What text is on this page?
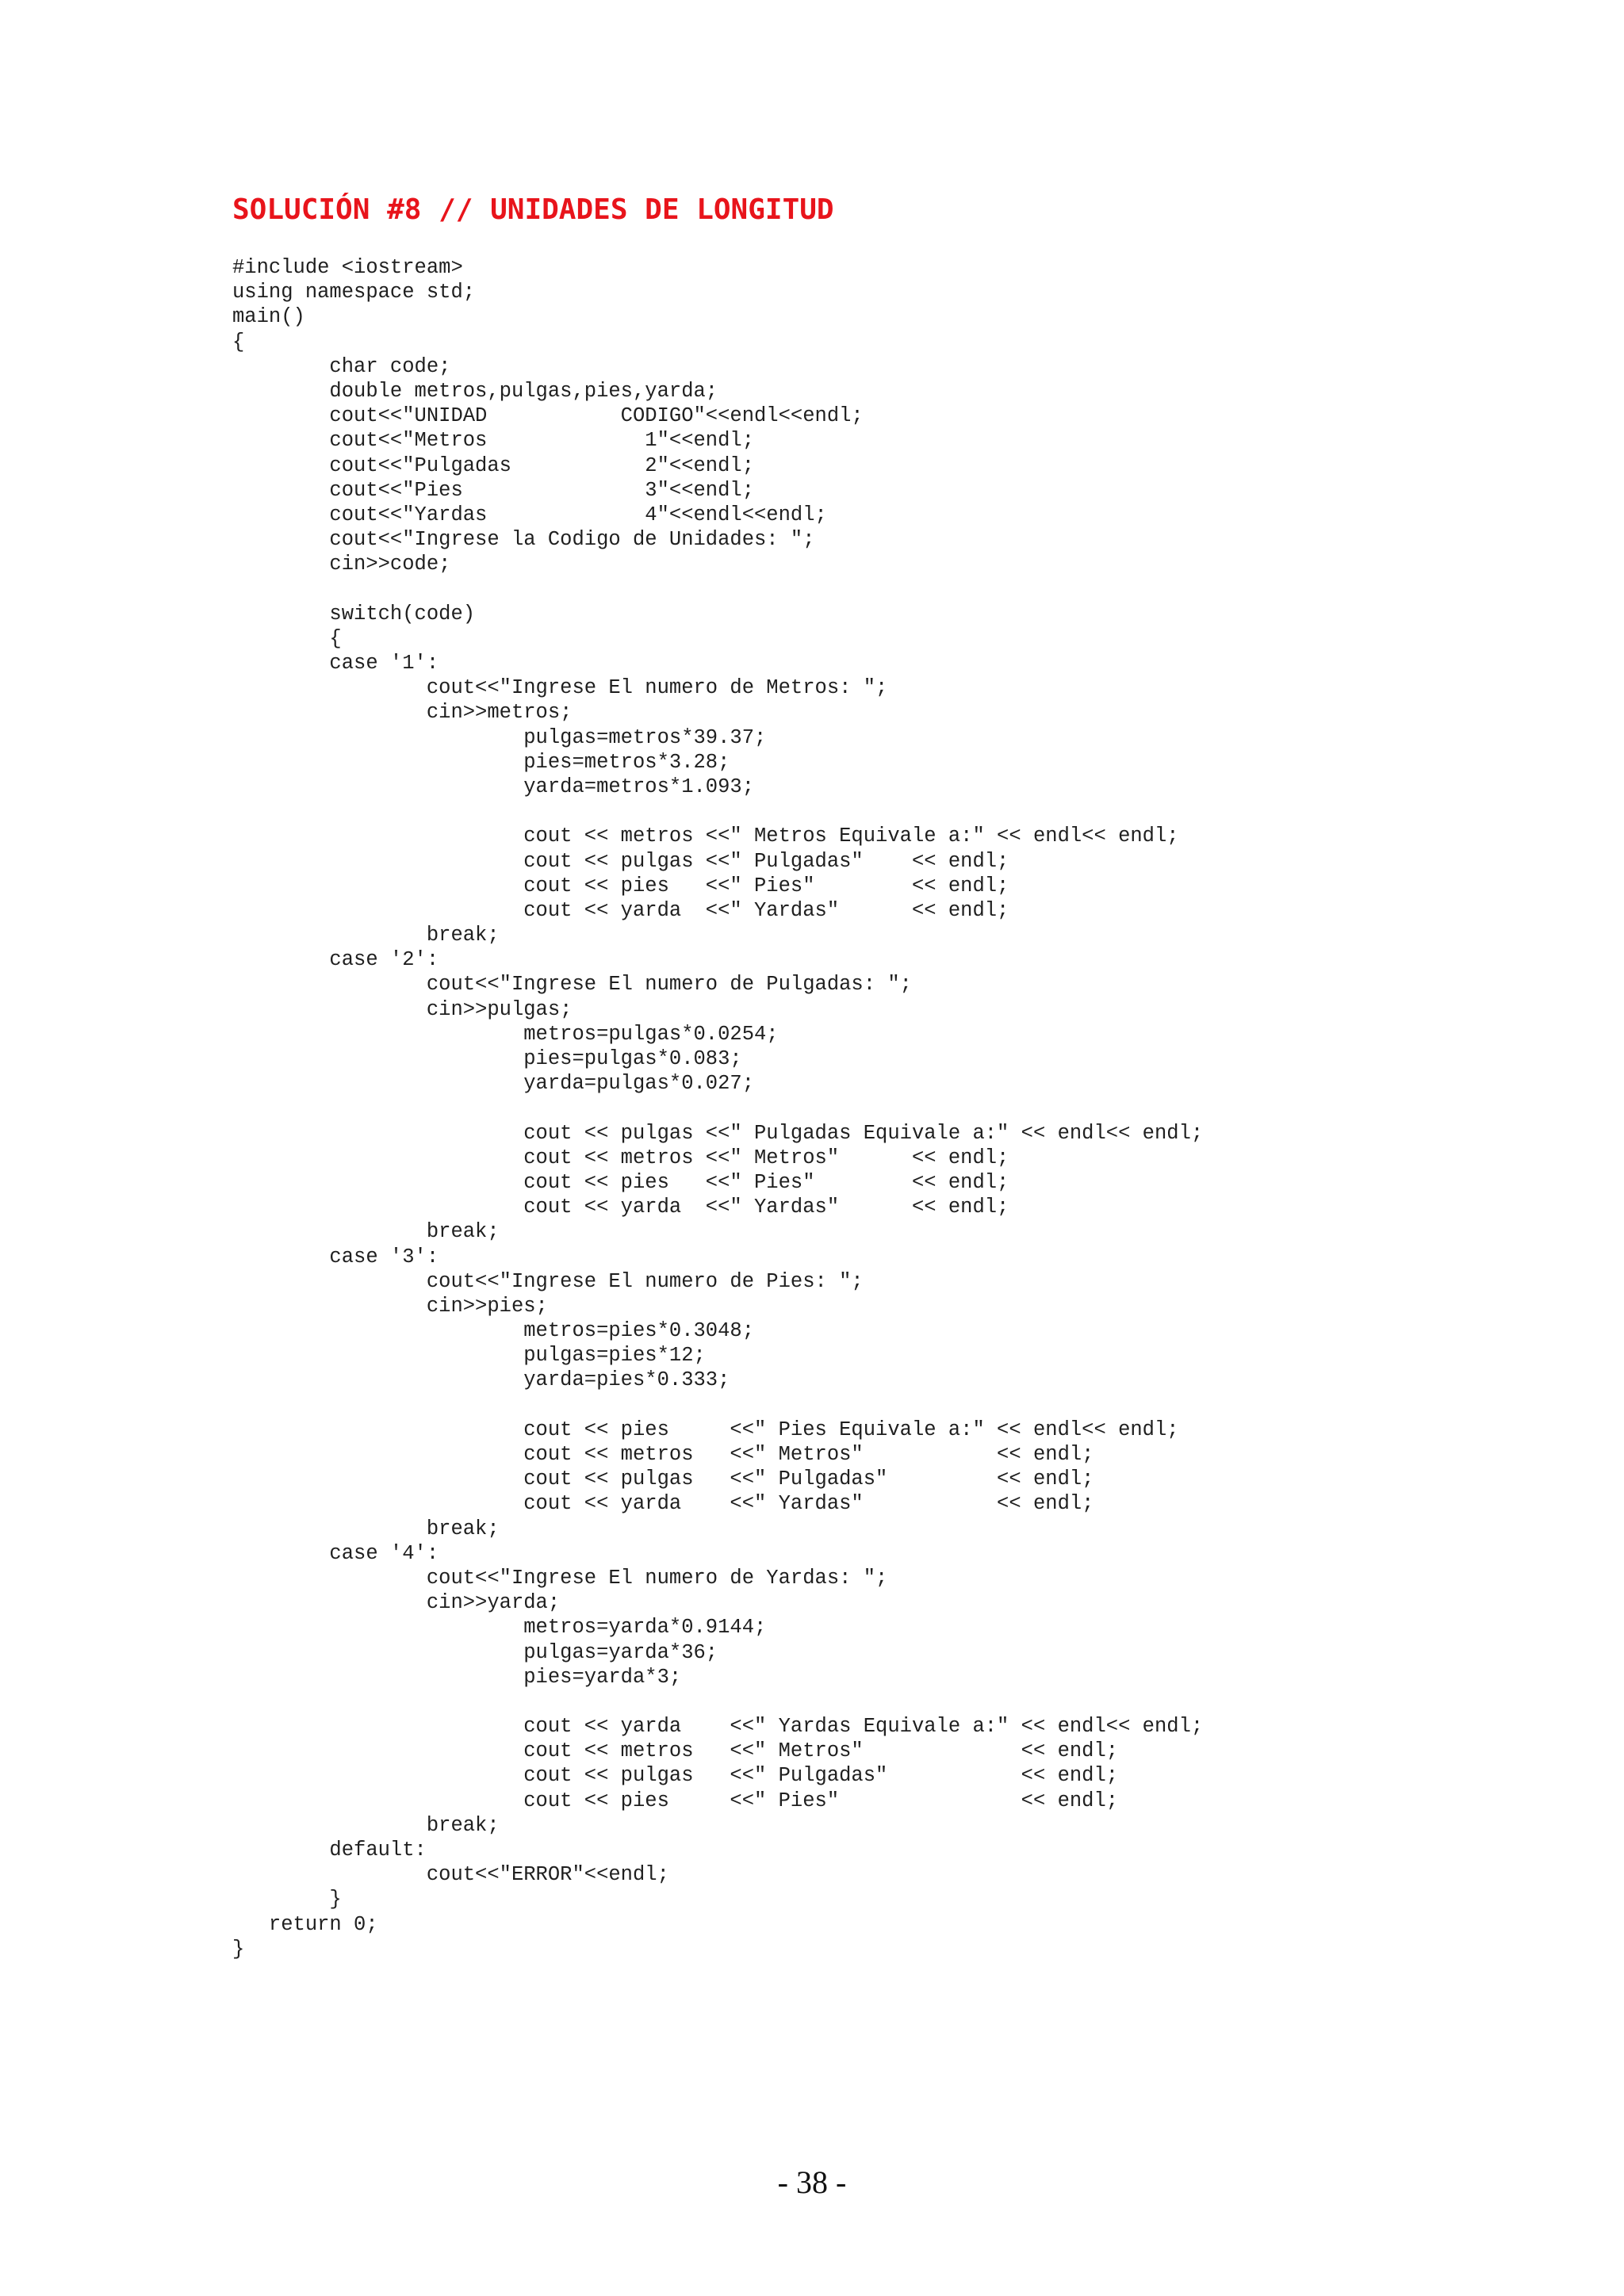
SOLUCIÓN #8 // UNIDADES DE LONGITUD
#include <iostream>
using namespace std;
main()
{
char code;
double metros,pulgas,pies,yarda;
cout<<"UNIDAD           CODIGO"<<endl<<endl;
cout<<"Metros             1"<<endl;
cout<<"Pulgadas           2"<<endl;
cout<<"Pies               3"<<endl;
cout<<"Yardas             4"<<endl<<endl;
cout<<"Ingrese la Codigo de Unidades: ";
cin>>code;
switch(code)
{
case '1':
cout<<"Ingrese El numero de Metros: ";
cin>>metros;
pulgas=metros*39.37;
pies=metros*3.28;
yarda=metros*1.093;
cout << metros <<" Metros Equivale a:" << endl<< endl;
cout << pulgas <<" Pulgadas"    << endl;
cout << pies   <<" Pies"        << endl;
cout << yarda  <<" Yardas"      << endl;
break;
case '2':
cout<<"Ingrese El numero de Pulgadas: ";
cin>>pulgas;
metros=pulgas*0.0254;
pies=pulgas*0.083;
yarda=pulgas*0.027;
cout << pulgas <<" Pulgadas Equivale a:" << endl<< endl;
cout << metros <<" Metros"      << endl;
cout << pies   <<" Pies"        << endl;
cout << yarda  <<" Yardas"      << endl;
break;
case '3':
cout<<"Ingrese El numero de Pies: ";
cin>>pies;
metros=pies*0.3048;
pulgas=pies*12;
yarda=pies*0.333;
cout << pies     <<" Pies Equivale a:" << endl<< endl;
cout << metros   <<" Metros"           << endl;
cout << pulgas   <<" Pulgadas"         << endl;
cout << yarda    <<" Yardas"           << endl;
break;
case '4':
cout<<"Ingrese El numero de Yardas: ";
cin>>yarda;
metros=yarda*0.9144;
pulgas=yarda*36;
pies=yarda*3;
cout << yarda    <<" Yardas Equivale a:" << endl<< endl;
cout << metros   <<" Metros"             << endl;
cout << pulgas   <<" Pulgadas"           << endl;
cout << pies     <<" Pies"               << endl;
break;
default:
cout<<"ERROR"<<endl;
}
return 0;
}
- 38 -
